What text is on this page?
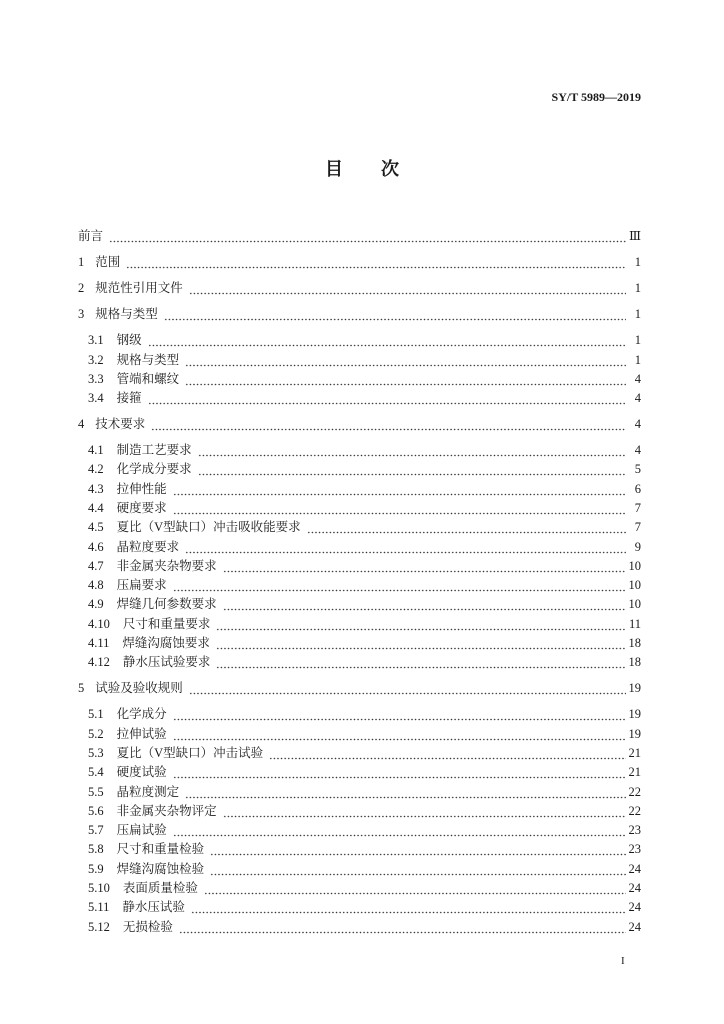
SY/T 5989—2019
目　次
前言	Ⅲ
1 范围	1
2 规范性引用文件	1
3 规格与类型	1
3.1 钢级	1
3.2 规格与类型	1
3.3 管端和螺纹	4
3.4 接箍	4
4 技术要求	4
4.1 制造工艺要求	4
4.2 化学成分要求	5
4.3 拉伸性能	6
4.4 硬度要求	7
4.5 夏比（V型缺口）冲击吸收能要求	7
4.6 晶粒度要求	9
4.7 非金属夹杂物要求	10
4.8 压扁要求	10
4.9 焊缝几何参数要求	10
4.10 尺寸和重量要求	11
4.11 焊缝沟腐蚀要求	18
4.12 静水压试验要求	18
5 试验及验收规则	19
5.1 化学成分	19
5.2 拉伸试验	19
5.3 夏比（V型缺口）冲击试验	21
5.4 硬度试验	21
5.5 晶粒度测定	22
5.6 非金属夹杂物评定	22
5.7 压扁试验	23
5.8 尺寸和重量检验	23
5.9 焊缝沟腐蚀检验	24
5.10 表面质量检验	24
5.11 静水压试验	24
5.12 无损检验	24
I
